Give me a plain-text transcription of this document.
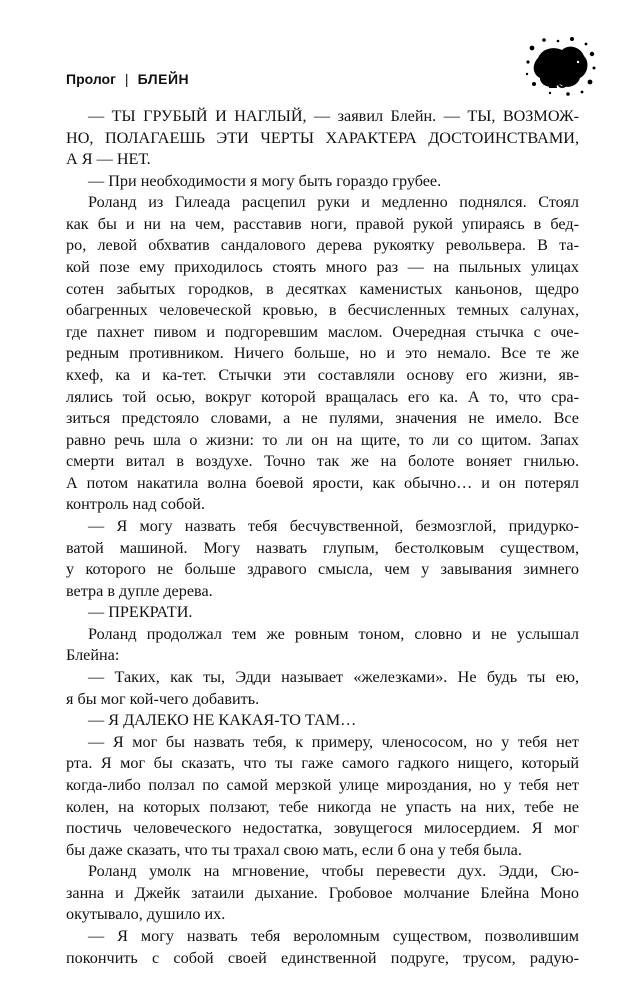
Пролог | БЛЕЙН	13
— ТЫ ГРУБЫЙ И НАГЛЫЙ, — заявил Блейн. — ТЫ, ВОЗМОЖ-
НО, ПОЛАГАЕШЬ ЭТИ ЧЕРТЫ ХАРАКТЕРА ДОСТОИНСТВАМИ,
А Я — НЕТ.
— При необходимости я могу быть гораздо грубее.
Роланд из Гилеада расцепил руки и медленно поднялся. Стоял
как бы и ни на чем, расставив ноги, правой рукой упираясь в бед-
ро, левой обхватив сандалового дерева рукоятку револьвера. В та-
кой позе ему приходилось стоять много раз — на пыльных улицах
сотен забытых городков, в десятках каменистых каньонов, щедро
обагренных человеческой кровью, в бесчисленных темных салунах,
где пахнет пивом и подгоревшим маслом. Очередная стычка с оче-
редным противником. Ничего больше, но и это немало. Все те же
кхеф, ка и ка-тет. Стычки эти составляли основу его жизни, яв-
лялись той осью, вокруг которой вращалась его ка. А то, что сра-
зиться предстояло словами, а не пулями, значения не имело. Все
равно речь шла о жизни: то ли он на щите, то ли со щитом. Запах
смерти витал в воздухе. Точно так же на болоте воняет гнилью.
А потом накатила волна боевой ярости, как обычно… и он потерял
контроль над собой.
— Я могу назвать тебя бесчувственной, безмозглой, придурко-
ватой машиной. Могу назвать глупым, бестолковым существом,
у которого не больше здравого смысла, чем у завывания зимнего
ветра в дупле дерева.
— ПРЕКРАТИ.
Роланд продолжал тем же ровным тоном, словно и не услышал
Блейна:
— Таких, как ты, Эдди называет «железками». Не будь ты ею,
я бы мог кой-чего добавить.
— Я ДАЛЕКО НЕ КАКАЯ-ТО ТАМ…
— Я мог бы назвать тебя, к примеру, членососом, но у тебя нет
рта. Я мог бы сказать, что ты гаже самого гадкого нищего, который
когда-либо ползал по самой мерзкой улице мироздания, но у тебя нет
колен, на которых ползают, тебе никогда не упасть на них, тебе не
постичь человеческого недостатка, зовущегося милосердием. Я мог
бы даже сказать, что ты трахал свою мать, если б она у тебя была.
Роланд умолк на мгновение, чтобы перевести дух. Эдди, Сю-
занна и Джейк затаили дыхание. Гробовое молчание Блейна Моно
окутывало, душило их.
— Я могу назвать тебя вероломным существом, позволившим
покончить с собой своей единственной подруге, трусом, радую-
